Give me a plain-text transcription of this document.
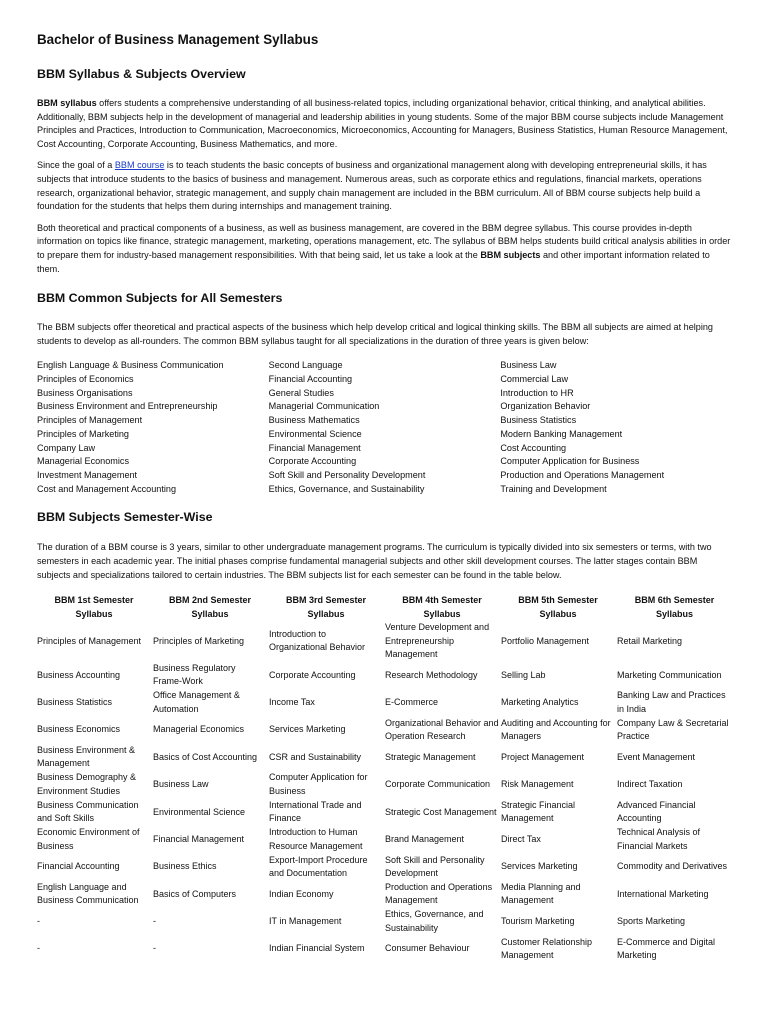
Bachelor of Business Management Syllabus
BBM Syllabus & Subjects Overview

BBM syllabus offers students a comprehensive understanding of all business-related topics, including organizational behavior, critical thinking, and analytical abilities. Additionally, BBM subjects help in the development of managerial and leadership abilities in young students. Some of the major BBM course subjects include Management Principles and Practices, Introduction to Communication, Macroeconomics, Microeconomics, Accounting for Managers, Business Statistics, Human Resource Management, Cost Accounting, Corporate Accounting, Business Mathematics, and more.

Since the goal of a BBM course is to teach students the basic concepts of business and organizational management along with developing entrepreneurial skills, it has subjects that introduce students to the basics of business and management. Numerous areas, such as corporate ethics and regulations, financial markets, operations research, organizational behavior, strategic management, and supply chain management are included in the BBM curriculum. All of BBM course subjects help build a foundation for the students that helps them during internships and management training.

Both theoretical and practical components of a business, as well as business management, are covered in the BBM degree syllabus. This course provides in-depth information on topics like finance, strategic management, marketing, operations management, etc. The syllabus of BBM helps students build critical analysis abilities in order to prepare them for industry-based management responsibilities. With that being said, let us take a look at the BBM subjects and other important information related to them.

BBM Common Subjects for All Semesters

The BBM subjects offer theoretical and practical aspects of the business which help develop critical and logical thinking skills. The BBM all subjects are aimed at helping students to develop as all-rounders. The common BBM syllabus taught for all specializations in the duration of three years is given below:

English Language & Business Communication
Principles of Economics
Business Organisations
Business Environment and Entrepreneurship
Principles of Management
Principles of Marketing
Company Law
Managerial Economics
Investment Management
Cost and Management Accounting
Second Language
Financial Accounting
General Studies
Managerial Communication
Business Mathematics
Environmental Science
Financial Management
Corporate Accounting
Soft Skill and Personality Development
Ethics, Governance, and Sustainability
Business Law
Commercial Law
Introduction to HR
Organization Behavior
Business Statistics
Modern Banking Management
Cost Accounting
Computer Application for Business
Production and Operations Management
Training and Development
BBM Subjects Semester-Wise

The duration of a BBM course is 3 years, similar to other undergraduate management programs. The curriculum is typically divided into six semesters or terms, with two semesters in each academic year. The initial phases comprise fundamental managerial subjects and other skill development courses. The latter stages contain BBM subjects and specializations tailored to certain industries. The BBM subjects list for each semester can be found in the table below.

BBM 1st Semester Syllabus	BBM 2nd Semester Syllabus	BBM 3rd Semester Syllabus	BBM 4th Semester Syllabus	BBM 5th Semester Syllabus	BBM 6th Semester Syllabus
Principles of Management	Principles of Marketing	Introduction to Organizational Behavior	Venture Development and Entrepreneurship Management	Portfolio Management	Retail Marketing
Business Accounting	Business Regulatory Frame-Work	Corporate Accounting	Research Methodology	Selling Lab	Marketing Communication
Business Statistics	Office Management & Automation	Income Tax	E-Commerce	Marketing Analytics	Banking Law and Practices in India
Business Economics	Managerial Economics	Services Marketing	Organizational Behavior and Operation Research	Auditing and Accounting for Managers	Company Law & Secretarial Practice
Business Environment & Management	Basics of Cost Accounting	CSR and Sustainability	Strategic Management	Project Management	Event Management
Business Demography & Environment Studies	Business Law	Computer Application for Business	Corporate Communication	Risk Management	Indirect Taxation
Business Communication and Soft Skills	Environmental Science	International Trade and Finance	Strategic Cost Management	Strategic Financial Management	Advanced Financial Accounting
Economic Environment of Business	Financial Management	Introduction to Human Resource Management	Brand Management	Direct Tax	Technical Analysis of Financial Markets
Financial Accounting	Business Ethics	Export-Import Procedure and Documentation	Soft Skill and Personality Development	Services Marketing	Commodity and Derivatives
English Language and Business Communication	Basics of Computers	Indian Economy	Production and Operations Management	Media Planning and Management	International Marketing
-	-	IT in Management	Ethics, Governance, and Sustainability	Tourism Marketing	Sports Marketing
-	-	Indian Financial System	Consumer Behaviour	Customer Relationship Management	E-Commerce and Digital Marketing
